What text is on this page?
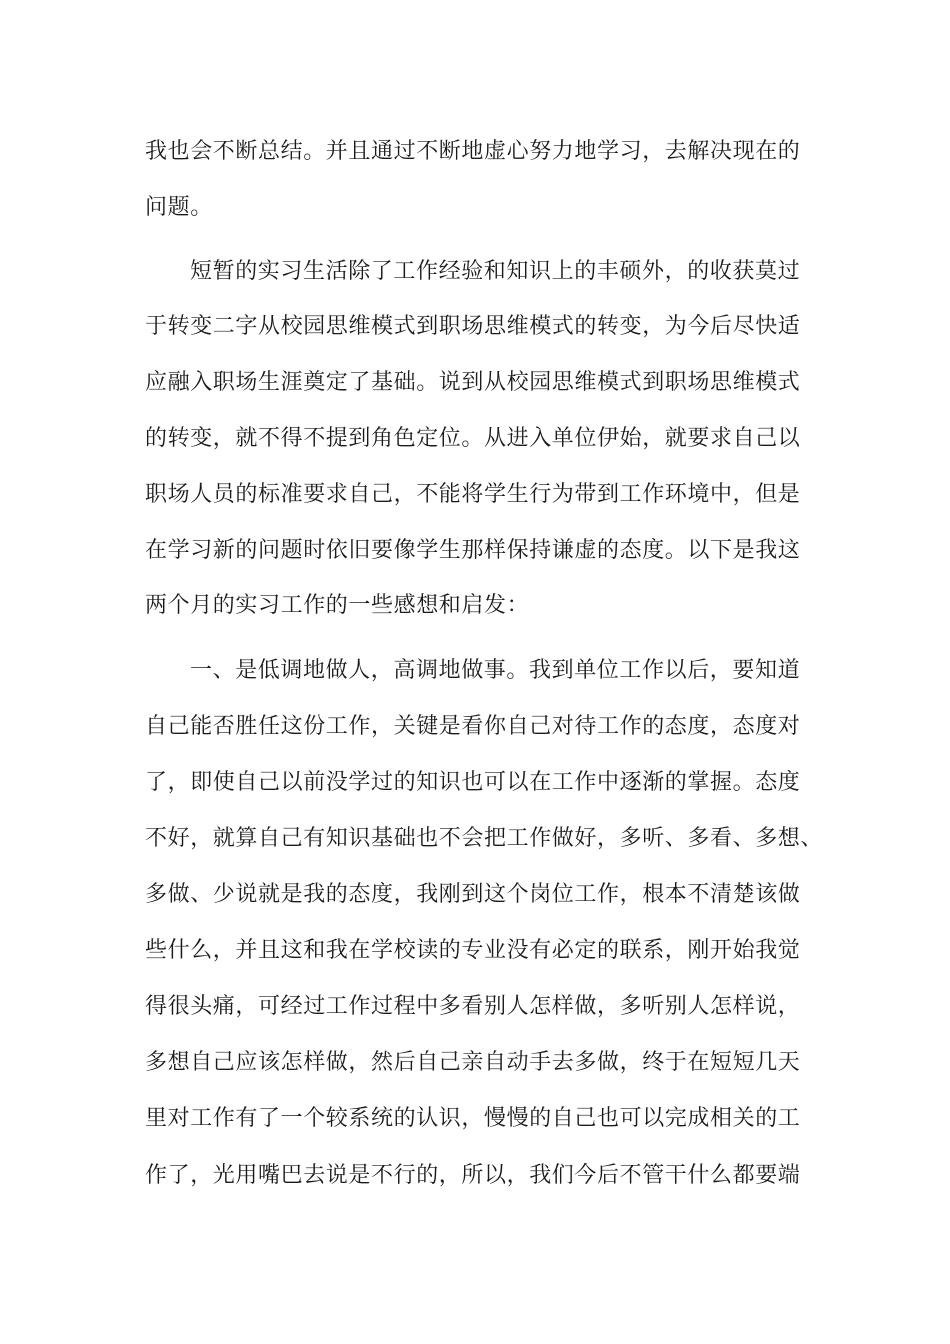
我也会不断总结。并且通过不断地虚心努力地学习，去解决现在的
问题。
短暂的实习生活除了工作经验和知识上的丰硕外，的收获莫过
于转变二字从校园思维模式到职场思维模式的转变，为今后尽快适
应融入职场生涯奠定了基础。说到从校园思维模式到职场思维模式
的转变，就不得不提到角色定位。从进入单位伊始，就要求自己以
职场人员的标准要求自己，不能将学生行为带到工作环境中，但是
在学习新的问题时依旧要像学生那样保持谦虚的态度。以下是我这
两个月的实习工作的一些感想和启发：
一、是低调地做人，高调地做事。我到单位工作以后，要知道
自己能否胜任这份工作，关键是看你自己对待工作的态度，态度对
了，即使自己以前没学过的知识也可以在工作中逐渐的掌握。态度
不好，就算自己有知识基础也不会把工作做好，多听、多看、多想、
多做、少说就是我的态度，我刚到这个岗位工作，根本不清楚该做
些什么，并且这和我在学校读的专业没有必定的联系，刚开始我觉
得很头痛，可经过工作过程中多看别人怎样做，多听别人怎样说，
多想自己应该怎样做，然后自己亲自动手去多做，终于在短短几天
里对工作有了一个较系统的认识，慢慢的自己也可以完成相关的工
作了，光用嘴巴去说是不行的，所以，我们今后不管干什么都要端
